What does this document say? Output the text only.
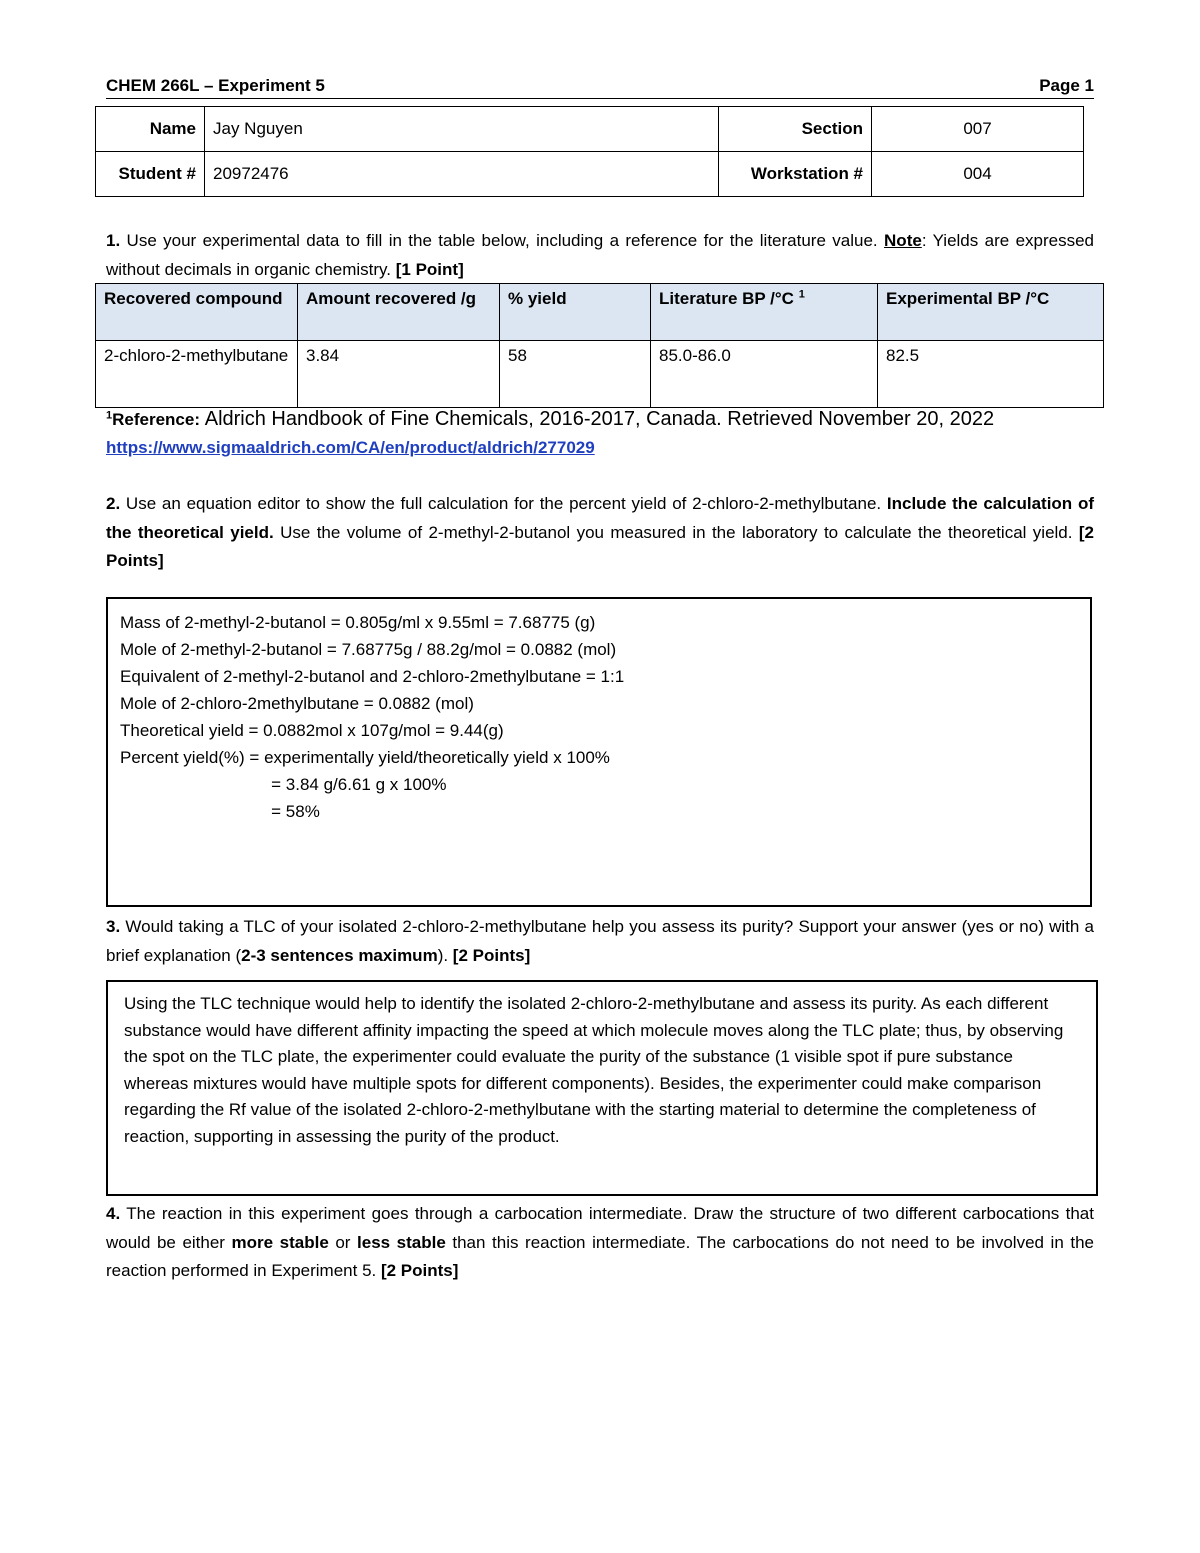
CHEM 266L – Experiment 5	Page 1
Name	Jay Nguyen	Section	007
Student #	20972476	Workstation #	004
1. Use your experimental data to fill in the table below, including a reference for the literature value. Note: Yields are expressed without decimals in organic chemistry. [1 Point]
Recovered compound	Amount recovered /g	% yield	Literature BP /°C $^1$	Experimental BP /°C
2-chloro-2-methylbutane	3.84	58	85.0-86.0	82.5
$^1$Reference: Aldrich Handbook of Fine Chemicals, 2016-2017, Canada. Retrieved November 20, 2022
https://www.sigmaaldrich.com/CA/en/product/aldrich/277029
2. Use an equation editor to show the full calculation for the percent yield of 2-chloro-2-methylbutane. Include the calculation of the theoretical yield. Use the volume of 2-methyl-2-butanol you measured in the laboratory to calculate the theoretical yield. [2 Points]
Mass of 2-methyl-2-butanol = 0.805g/ml x 9.55ml = 7.68775 (g)
Mole of 2-methyl-2-butanol = 7.68775g / 88.2g/mol = 0.0882 (mol)
Equivalent of 2-methyl-2-butanol and 2-chloro-2methylbutane = 1:1
Mole of 2-chloro-2methylbutane = 0.0882 (mol)
Theoretical yield = 0.0882mol x 107g/mol = 9.44(g)
Percent yield(%) = experimentally yield/theoretically yield x 100%
= 3.84 g/6.61 g x 100%
= 58%
3. Would taking a TLC of your isolated 2-chloro-2-methylbutane help you assess its purity? Support your answer (yes or no) with a brief explanation (2-3 sentences maximum). [2 Points]
Using the TLC technique would help to identify the isolated 2-chloro-2-methylbutane and assess its purity. As each different substance would have different affinity impacting the speed at which molecule moves along the TLC plate; thus, by observing the spot on the TLC plate, the experimenter could evaluate the purity of the substance (1 visible spot if pure substance whereas mixtures would have multiple spots for different components). Besides, the experimenter could make comparison regarding the Rf value of the isolated 2-chloro-2-methylbutane with the starting material to determine the completeness of reaction, supporting in assessing the purity of the product.
4. The reaction in this experiment goes through a carbocation intermediate. Draw the structure of two different carbocations that would be either more stable or less stable than this reaction intermediate. The carbocations do not need to be involved in the reaction performed in Experiment 5. [2 Points]
